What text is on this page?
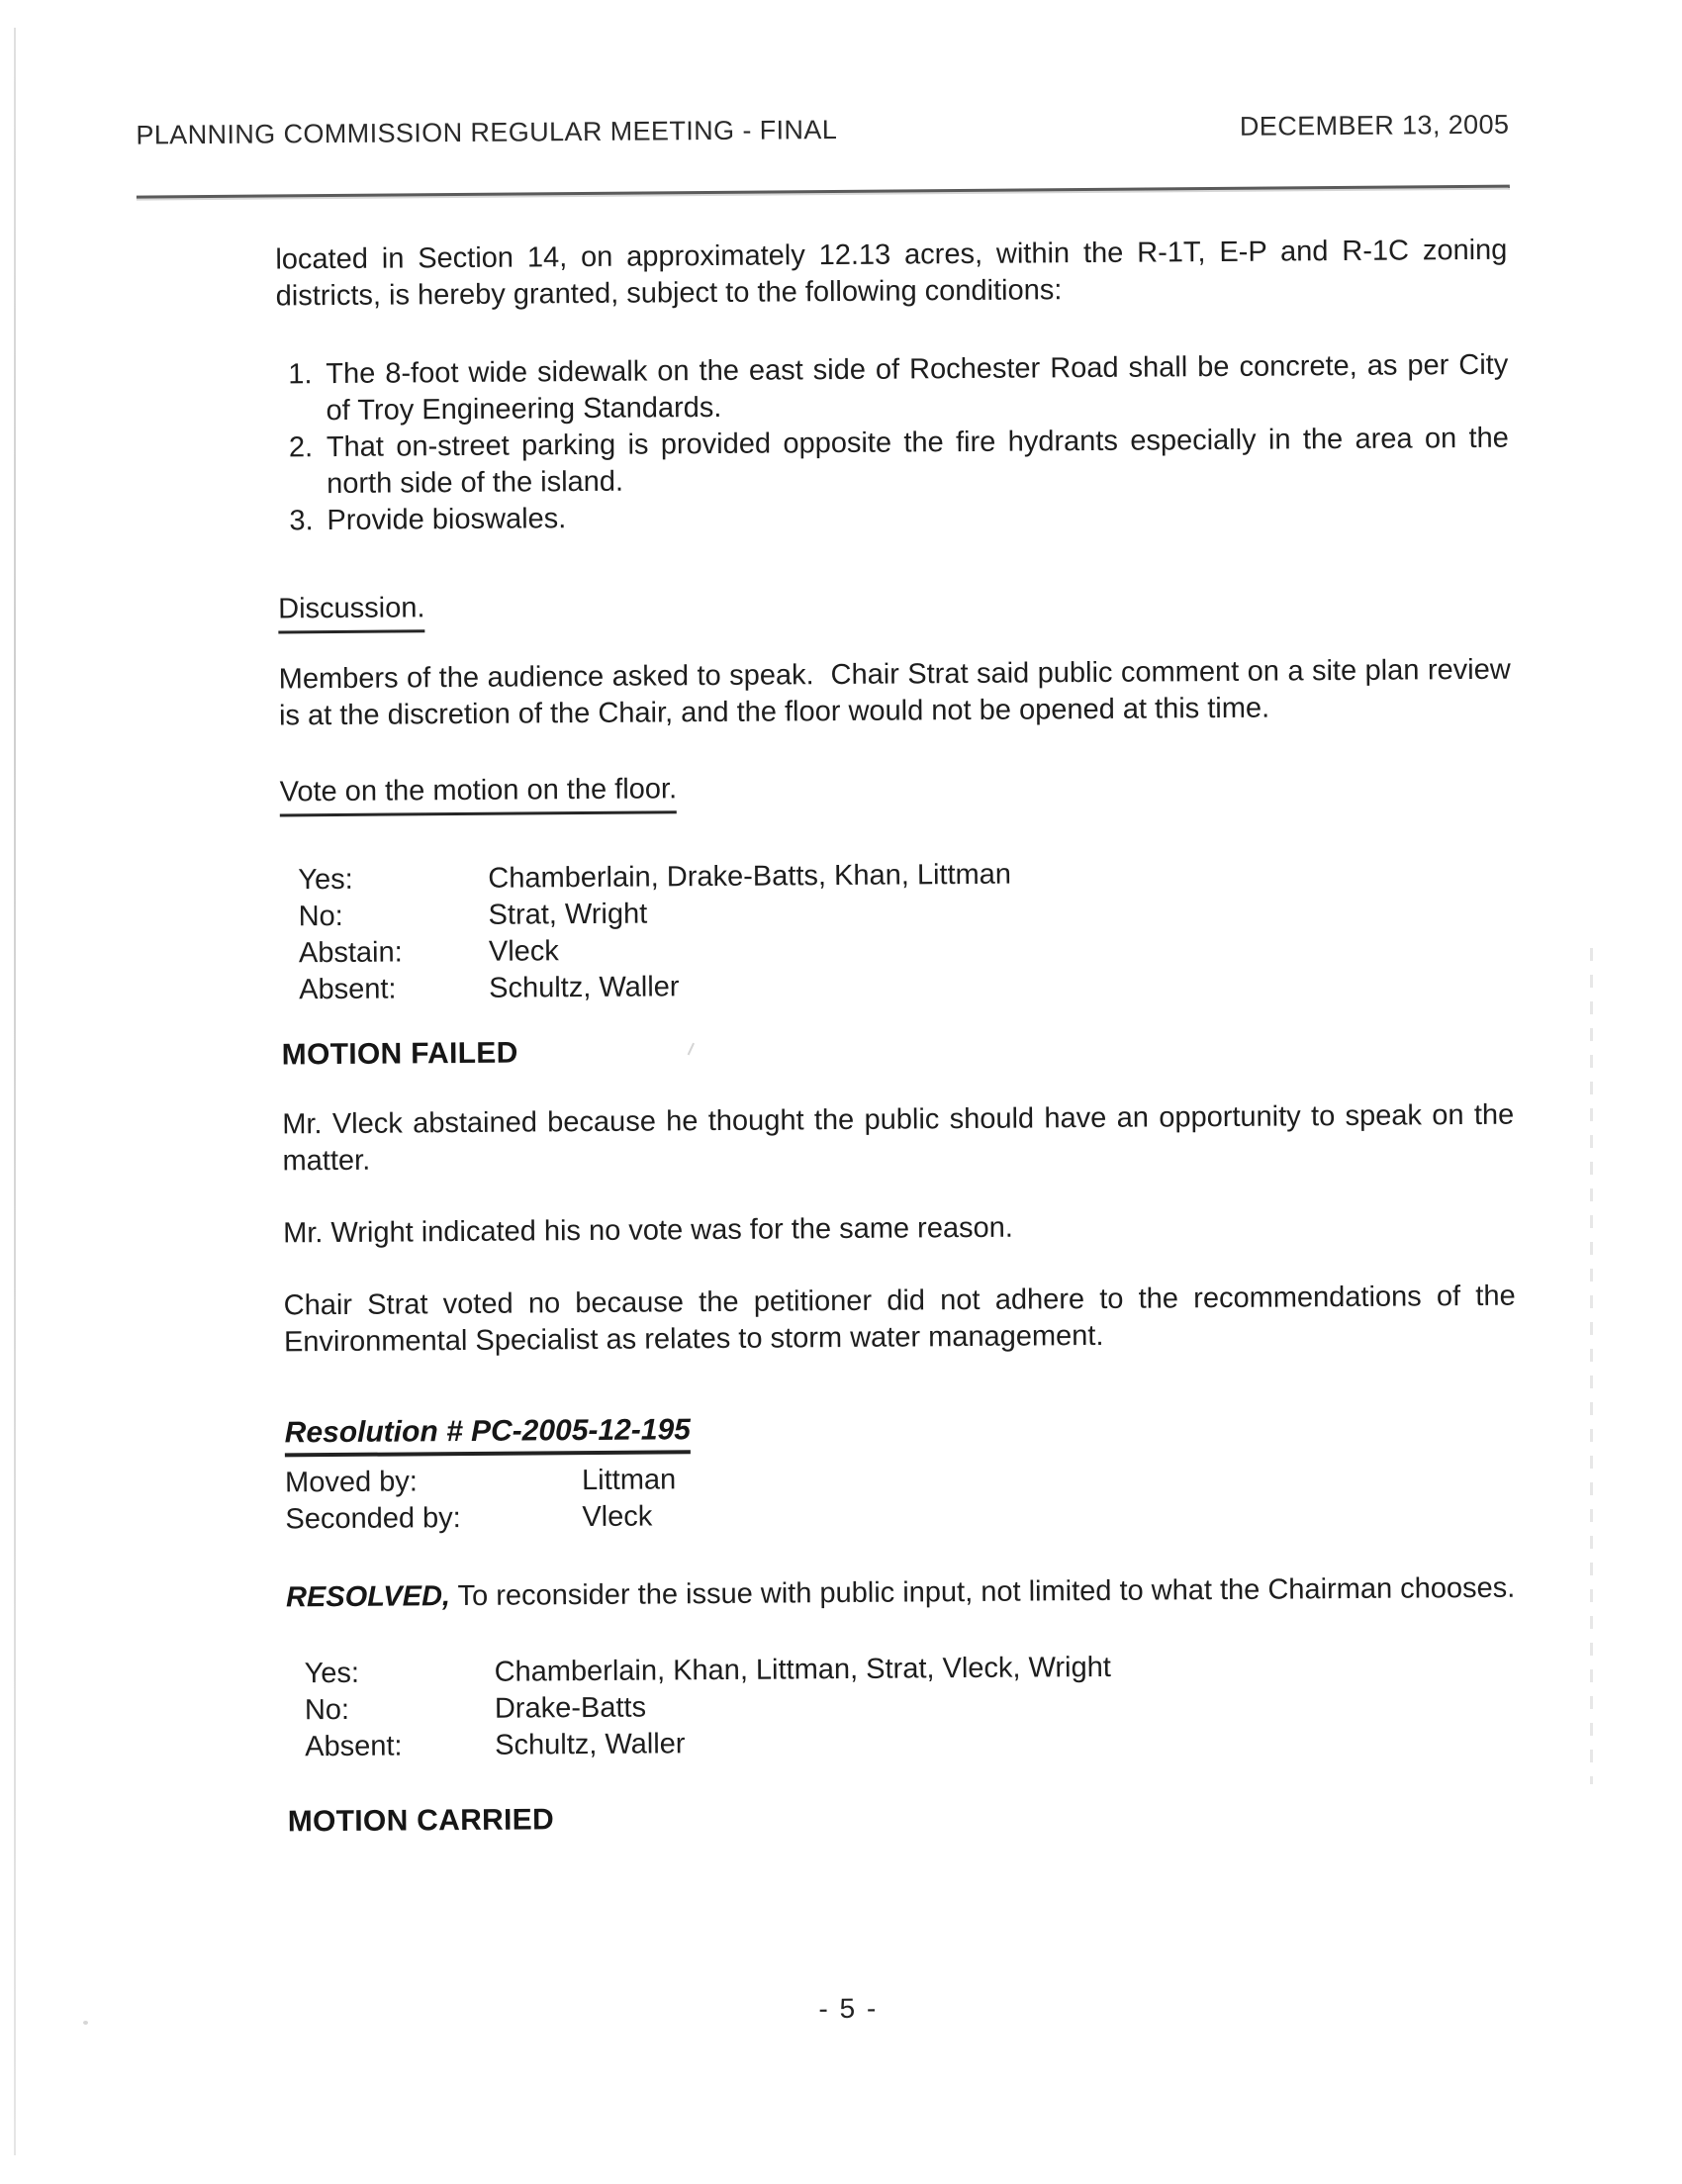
PLANNING COMMISSION REGULAR MEETING - FINAL	DECEMBER 13, 2005

located in Section 14, on approximately 12.13 acres, within the R-1T, E-P and R-1C zoning districts, is hereby granted, subject to the following conditions:

1. The 8-foot wide sidewalk on the east side of Rochester Road shall be concrete, as per City of Troy Engineering Standards.
2. That on-street parking is provided opposite the fire hydrants especially in the area on the north side of the island.
3. Provide bioswales.
Discussion.

Members of the audience asked to speak.  Chair Strat said public comment on a site plan review is at the discretion of the Chair, and the floor would not be opened at this time.

Vote on the motion on the floor.
Yes:	Chamberlain, Drake-Batts, Khan, Littman
No:	Strat, Wright
Abstain:	Vleck
Absent:	Schultz, Waller
MOTION FAILED

Mr. Vleck abstained because he thought the public should have an opportunity to speak on the matter.

Mr. Wright indicated his no vote was for the same reason.

Chair Strat voted no because the petitioner did not adhere to the recommendations of the Environmental Specialist as relates to storm water management.

Resolution # PC-2005-12-195
Moved by:	Littman
Seconded by:	Vleck

RESOLVED, To reconsider the issue with public input, not limited to what the Chairman chooses.

Yes:	Chamberlain, Khan, Littman, Strat, Vleck, Wright
No:	Drake-Batts
Absent:	Schultz, Waller
MOTION CARRIED
- 5 -
